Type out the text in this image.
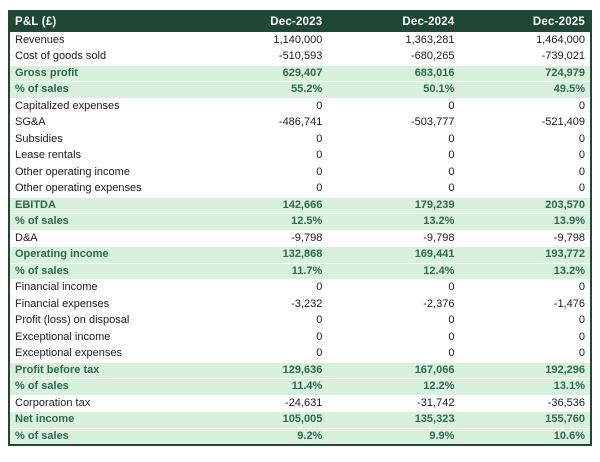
P&L (£)	Dec-2023	Dec-2024	Dec-2025
Revenues	1,140,000	1,363,281	1,464,000
Cost of goods sold	-510,593	-680,265	-739,021
Gross profit	629,407	683,016	724,979
% of sales	55.2%	50.1%	49.5%
Capitalized expenses	0	0	0
SG&A	-486,741	-503,777	-521,409
Subsidies	0	0	0
Lease rentals	0	0	0
Other operating income	0	0	0
Other operating expenses	0	0	0
EBITDA	142,666	179,239	203,570
% of sales	12.5%	13.2%	13.9%
D&A	-9,798	-9,798	-9,798
Operating income	132,868	169,441	193,772
% of sales	11.7%	12.4%	13.2%
Financial income	0	0	0
Financial expenses	-3,232	-2,376	-1,476
Profit (loss) on disposal	0	0	0
Exceptional income	0	0	0
Exceptional expenses	0	0	0
Profit before tax	129,636	167,066	192,296
% of sales	11.4%	12.2%	13.1%
Corporation tax	-24,631	-31,742	-36,536
Net income	105,005	135,323	155,760
% of sales	9.2%	9.9%	10.6%
